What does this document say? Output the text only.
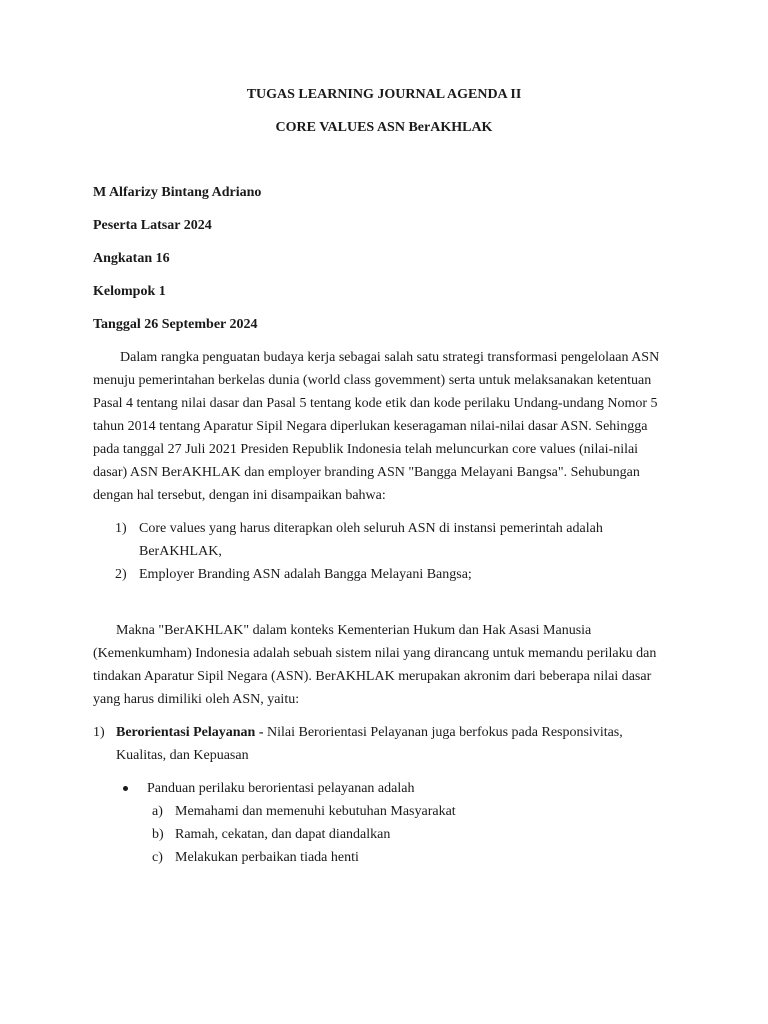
TUGAS LEARNING JOURNAL AGENDA II
CORE VALUES ASN BerAKHLAK
M Alfarizy Bintang Adriano
Peserta Latsar 2024
Angkatan 16
Kelompok 1
Tanggal 26 September 2024
Dalam rangka penguatan budaya kerja sebagai salah satu strategi transformasi pengelolaan ASN menuju pemerintahan berkelas dunia (world class govemment) serta untuk melaksanakan ketentuan Pasal 4 tentang nilai dasar dan Pasal 5 tentang kode etik dan kode perilaku Undang-undang Nomor 5 tahun 2014 tentang Aparatur Sipil Negara diperlukan keseragaman nilai-nilai dasar ASN. Sehingga pada tanggal 27 Juli 2021 Presiden Republik Indonesia telah meluncurkan core values (nilai-nilai dasar) ASN BerAKHLAK dan employer branding ASN "Bangga Melayani Bangsa". Sehubungan dengan hal tersebut, dengan ini disampaikan bahwa:
1) Core values yang harus diterapkan oleh seluruh ASN di instansi pemerintah adalah BerAKHLAK,
2) Employer Branding ASN adalah Bangga Melayani Bangsa;
Makna "BerAKHLAK" dalam konteks Kementerian Hukum dan Hak Asasi Manusia (Kemenkumham) Indonesia adalah sebuah sistem nilai yang dirancang untuk memandu perilaku dan tindakan Aparatur Sipil Negara (ASN). BerAKHLAK merupakan akronim dari beberapa nilai dasar yang harus dimiliki oleh ASN, yaitu:
1) Berorientasi Pelayanan - Nilai Berorientasi Pelayanan juga berfokus pada Responsivitas, Kualitas, dan Kepuasan
Panduan perilaku berorientasi pelayanan adalah
a) Memahami dan memenuhi kebutuhan Masyarakat
b) Ramah, cekatan, dan dapat diandalkan
c) Melakukan perbaikan tiada henti
